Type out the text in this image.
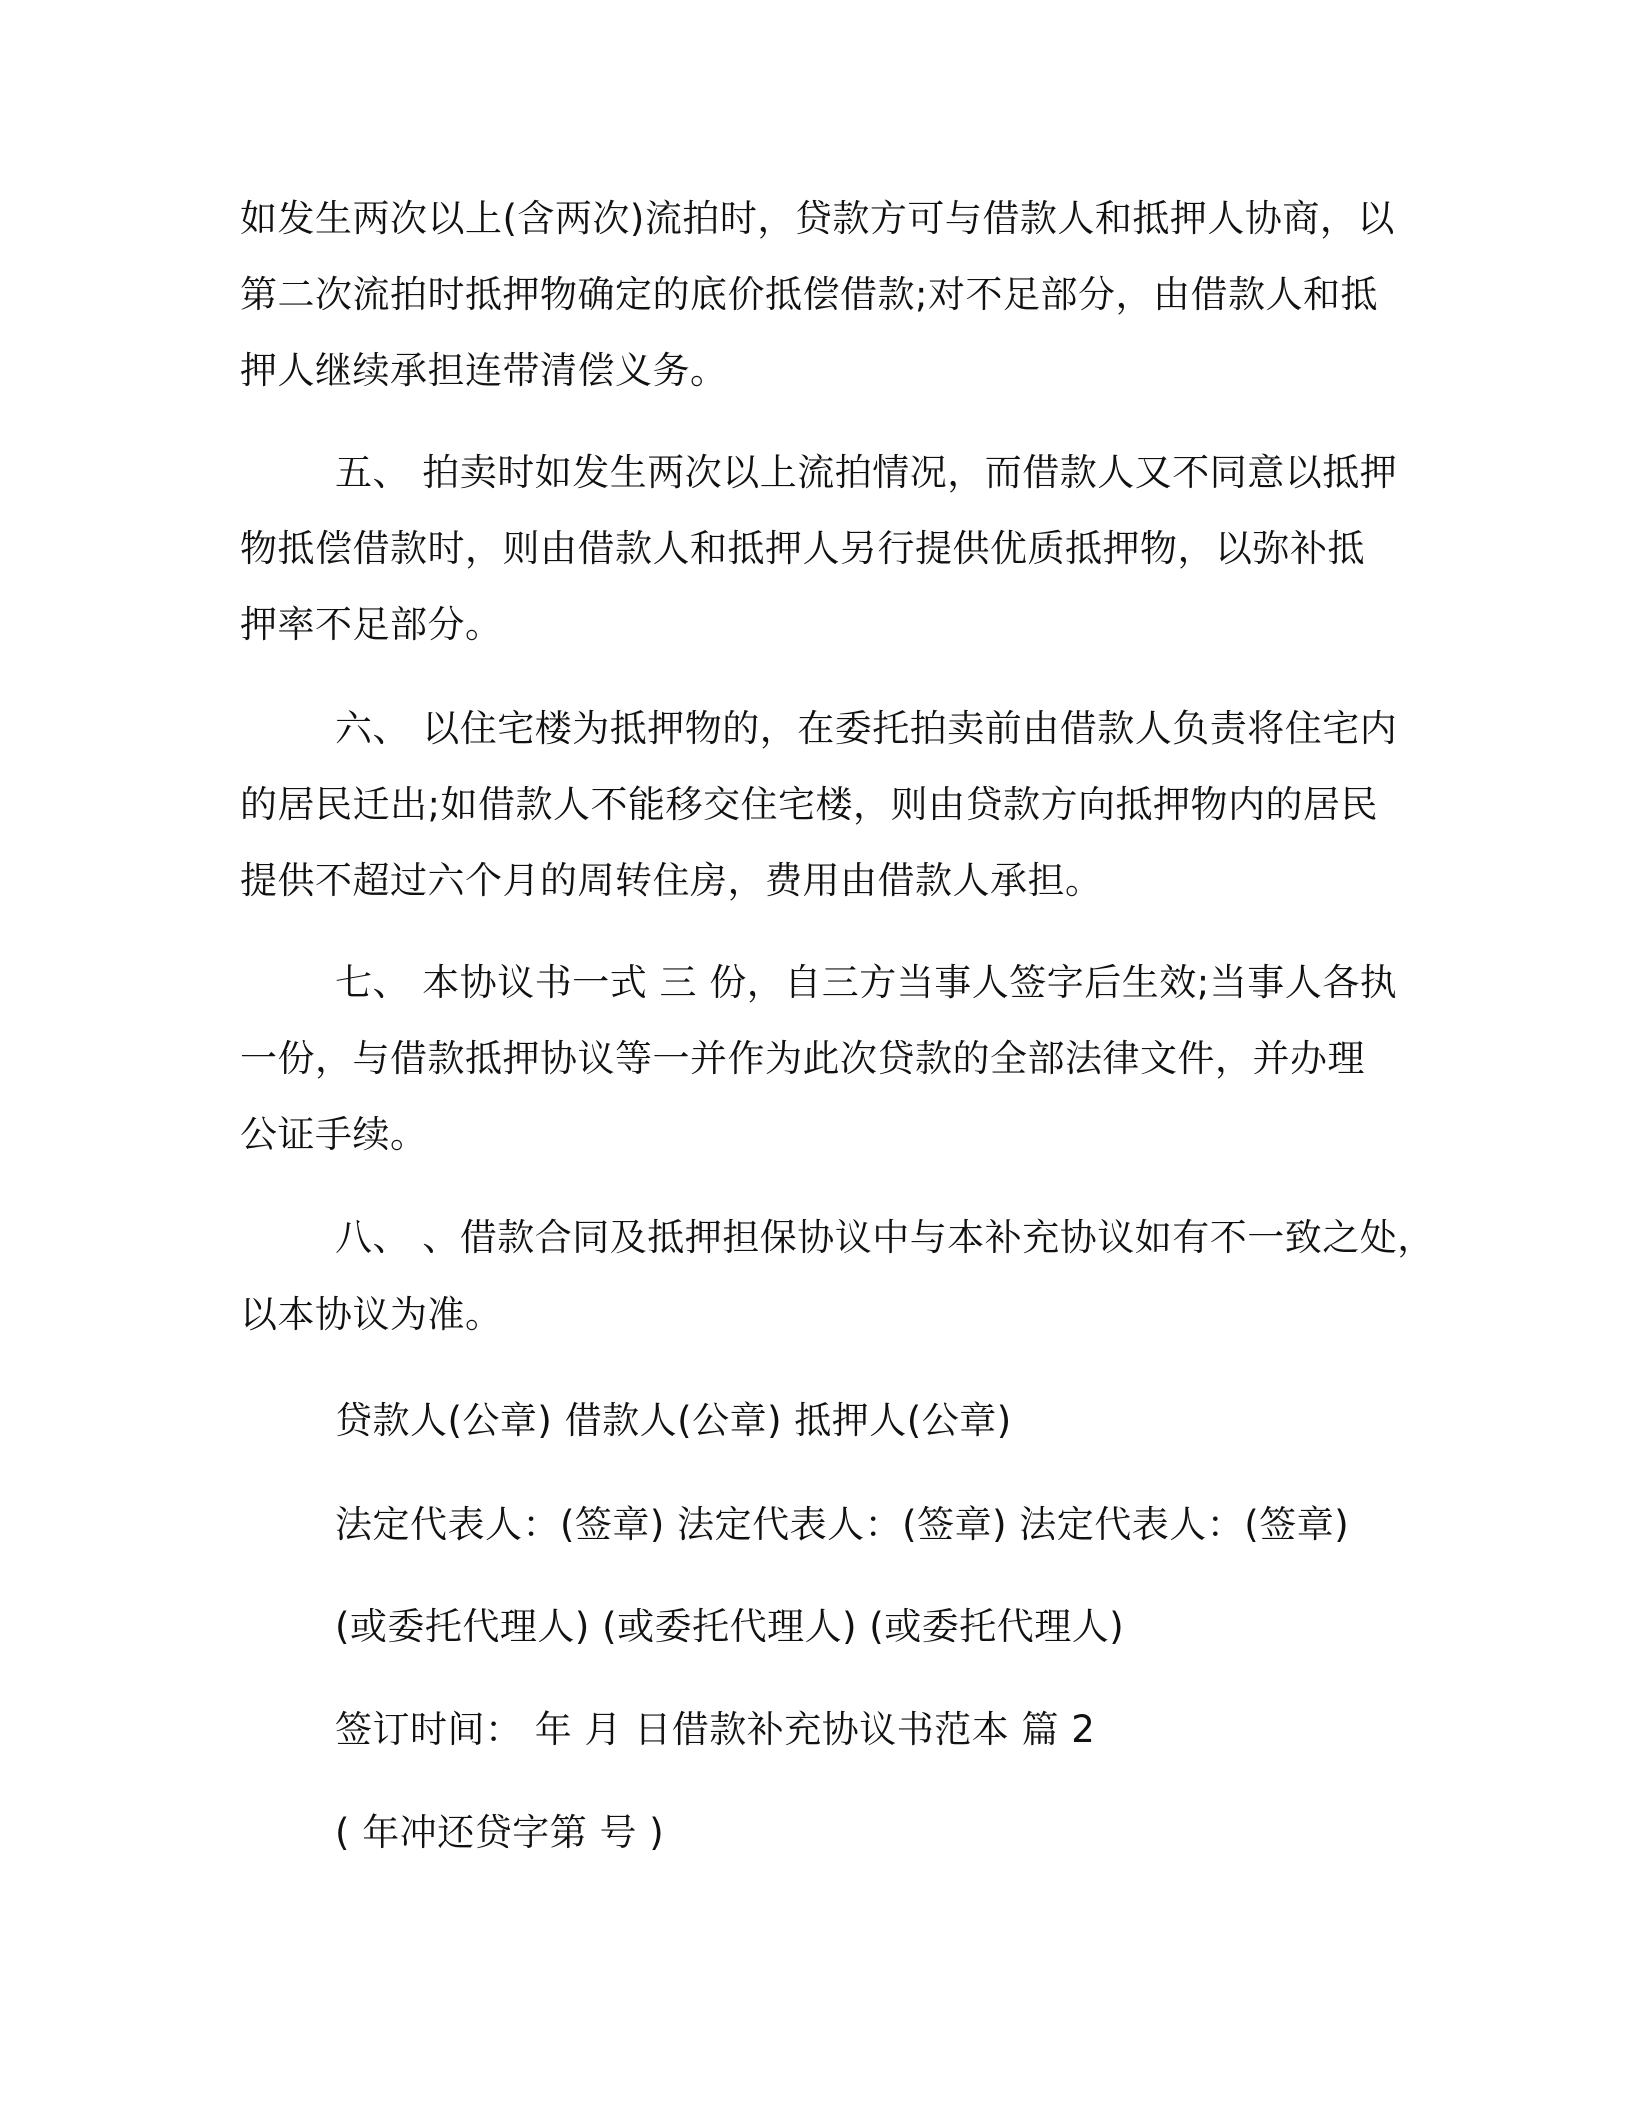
如发生两次以上(含两次)流拍时，贷款方可与借款人和抵押人协商，以

第二次流拍时抵押物确定的底价抵偿借款;对不足部分，由借款人和抵

押人继续承担连带清偿义务。

五、 拍卖时如发生两次以上流拍情况，而借款人又不同意以抵押

物抵偿借款时，则由借款人和抵押人另行提供优质抵押物，以弥补抵

押率不足部分。

六、 以住宅楼为抵押物的，在委托拍卖前由借款人负责将住宅内

的居民迁出;如借款人不能移交住宅楼，则由贷款方向抵押物内的居民

提供不超过六个月的周转住房，费用由借款人承担。

七、 本协议书一式 三 份，自三方当事人签字后生效;当事人各执

一份，与借款抵押协议等一并作为此次贷款的全部法律文件，并办理

公证手续。

八、 、借款合同及抵押担保协议中与本补充协议如有不一致之处，

以本协议为准。

贷款人(公章) 借款人(公章) 抵押人(公章)

法定代表人：(签章) 法定代表人：(签章) 法定代表人：(签章)

(或委托代理人) (或委托代理人) (或委托代理人)

签订时间： 年 月 日借款补充协议书范本 篇 2

( 年冲还贷字第 号 )
